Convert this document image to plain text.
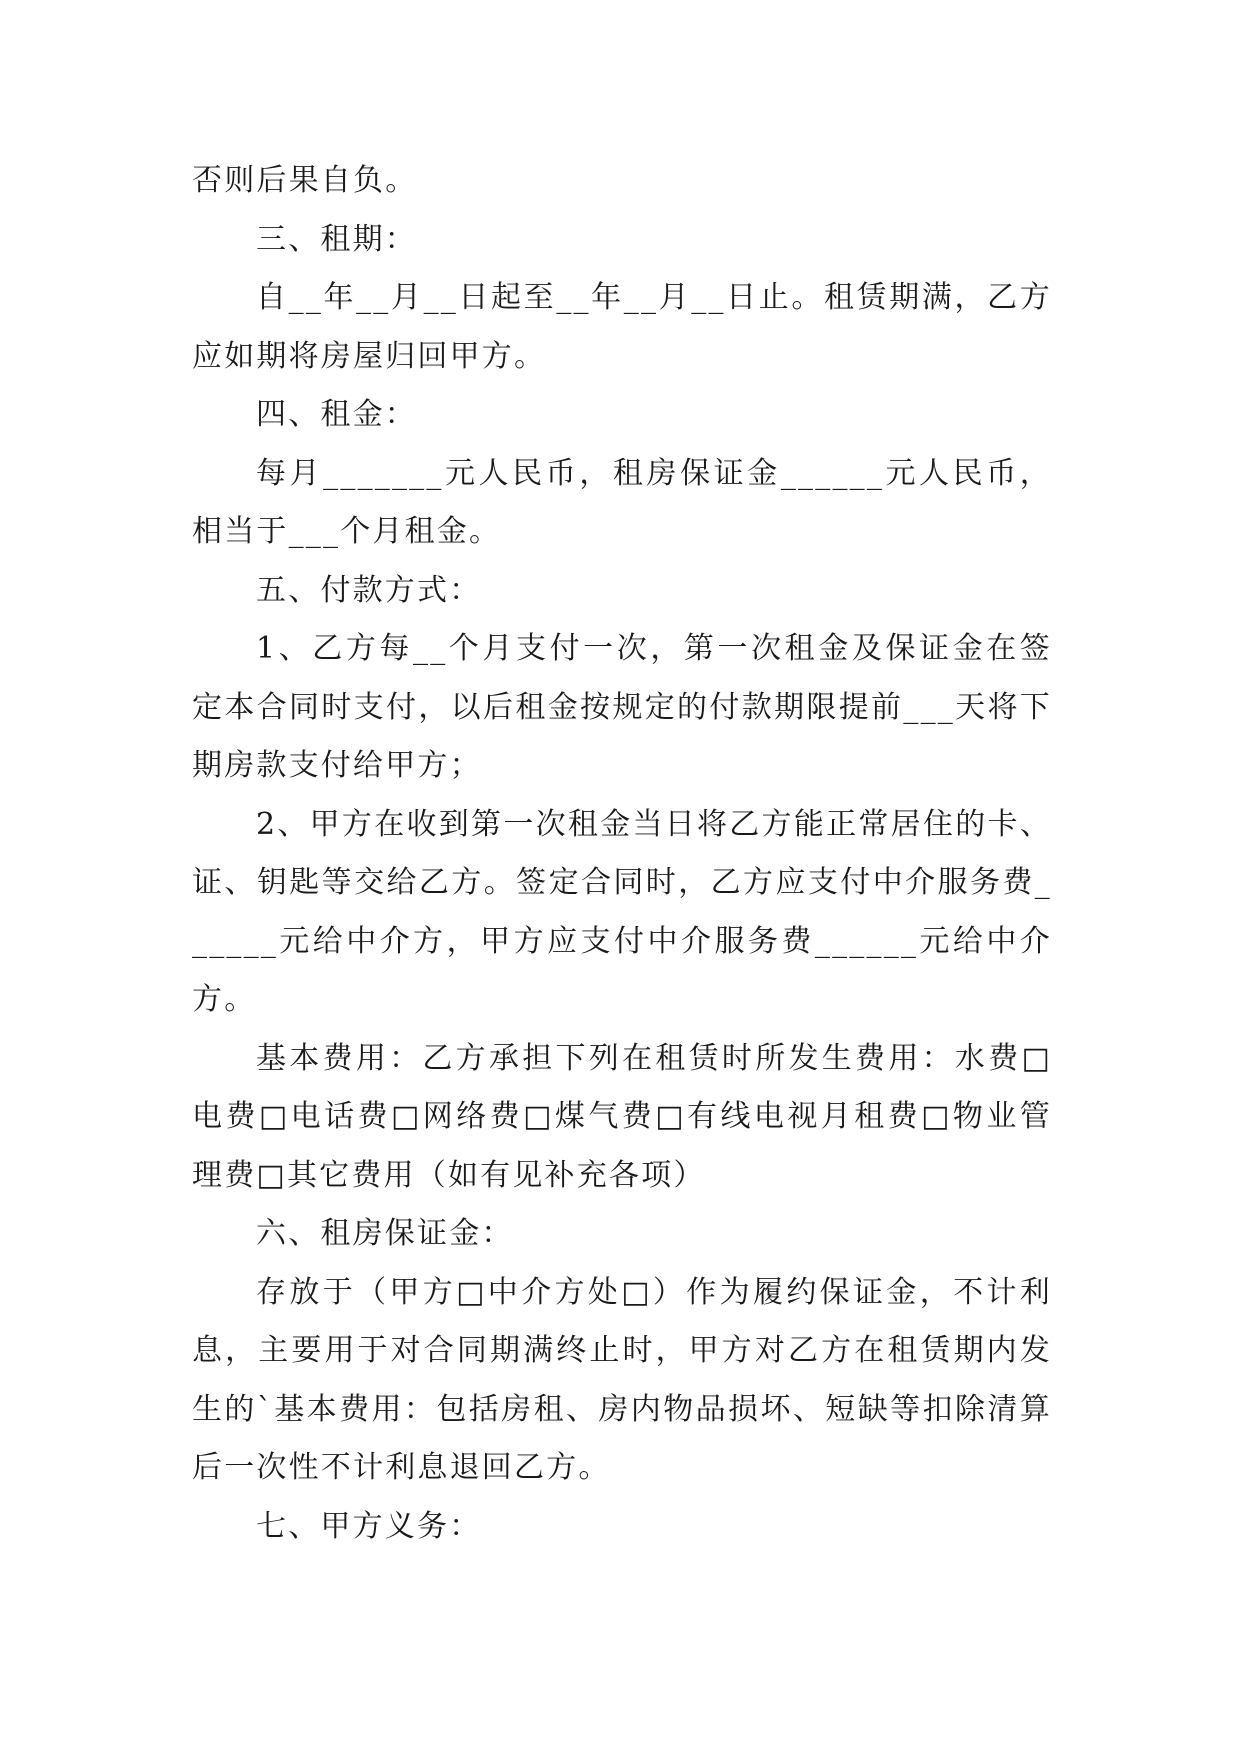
否则后果自负。

三、租期：

自__年__月__日起至__年__月__日止。租赁期满，乙方应如期将房屋归回甲方。

四、租金：

每月_______元人民币，租房保证金______元人民币，相当于___个月租金。

五、付款方式：

1、乙方每__个月支付一次，第一次租金及保证金在签定本合同时支付，以后租金按规定的付款期限提前___天将下期房款支付给甲方；

2、甲方在收到第一次租金当日将乙方能正常居住的卡、证、钥匙等交给乙方。签定合同时，乙方应支付中介服务费______元给中介方，甲方应支付中介服务费______元给中介方。

基本费用：乙方承担下列在租赁时所发生费用：水费□电费□电话费□网络费□煤气费□有线电视月租费□物业管理费□其它费用（如有见补充各项）

六、租房保证金：

存放于（甲方□中介方处□）作为履约保证金，不计利息，主要用于对合同期满终止时，甲方对乙方在租赁期内发生的`基本费用：包括房租、房内物品损坏、短缺等扣除清算后一次性不计利息退回乙方。

七、甲方义务：
